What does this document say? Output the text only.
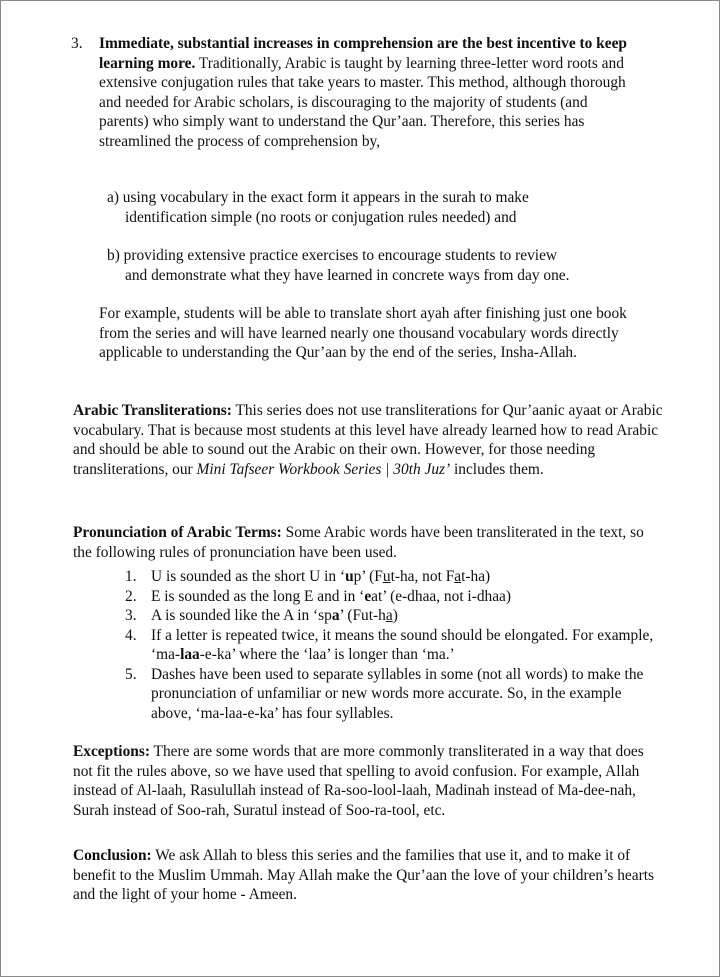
3. Immediate, substantial increases in comprehension are the best incentive to keep learning more. Traditionally, Arabic is taught by learning three-letter word roots and extensive conjugation rules that take years to master. This method, although thorough and needed for Arabic scholars, is discouraging to the majority of students (and parents) who simply want to understand the Qur’aan. Therefore, this series has streamlined the process of comprehension by,

a) using vocabulary in the exact form it appears in the surah to make
identification simple (no roots or conjugation rules needed) and

b) providing extensive practice exercises to encourage students to review
and demonstrate what they have learned in concrete ways from day one.

For example, students will be able to translate short ayah after finishing just one book from the series and will have learned nearly one thousand vocabulary words directly applicable to understanding the Qur’aan by the end of the series, Insha-Allah.

Arabic Transliterations: This series does not use transliterations for Qur’aanic ayaat or Arabic vocabulary. That is because most students at this level have already learned how to read Arabic and should be able to sound out the Arabic on their own. However, for those needing transliterations, our Mini Tafseer Workbook Series | 30th Juz’ includes them.

Pronunciation of Arabic Terms: Some Arabic words have been transliterated in the text, so the following rules of pronunciation have been used.

1. U is sounded as the short U in ‘up’ (Fut-ha, not Fat-ha)
2. E is sounded as the long E and in ‘eat’ (e-dhaa, not i-dhaa)
3. A is sounded like the A in ‘spa’ (Fut-ha)
4. If a letter is repeated twice, it means the sound should be elongated. For example, ‘ma-laa-e-ka’ where the ‘laa’ is longer than ‘ma.’
5. Dashes have been used to separate syllables in some (not all words) to make the pronunciation of unfamiliar or new words more accurate. So, in the example above, ‘ma-laa-e-ka’ has four syllables.

Exceptions: There are some words that are more commonly transliterated in a way that does not fit the rules above, so we have used that spelling to avoid confusion. For example, Allah instead of Al-laah, Rasulullah instead of Ra-soo-lool-laah, Madinah instead of Ma-dee-nah, Surah instead of Soo-rah, Suratul instead of Soo-ra-tool, etc.

Conclusion: We ask Allah to bless this series and the families that use it, and to make it of benefit to the Muslim Ummah. May Allah make the Qur’aan the love of your children’s hearts and the light of your home - Ameen.
